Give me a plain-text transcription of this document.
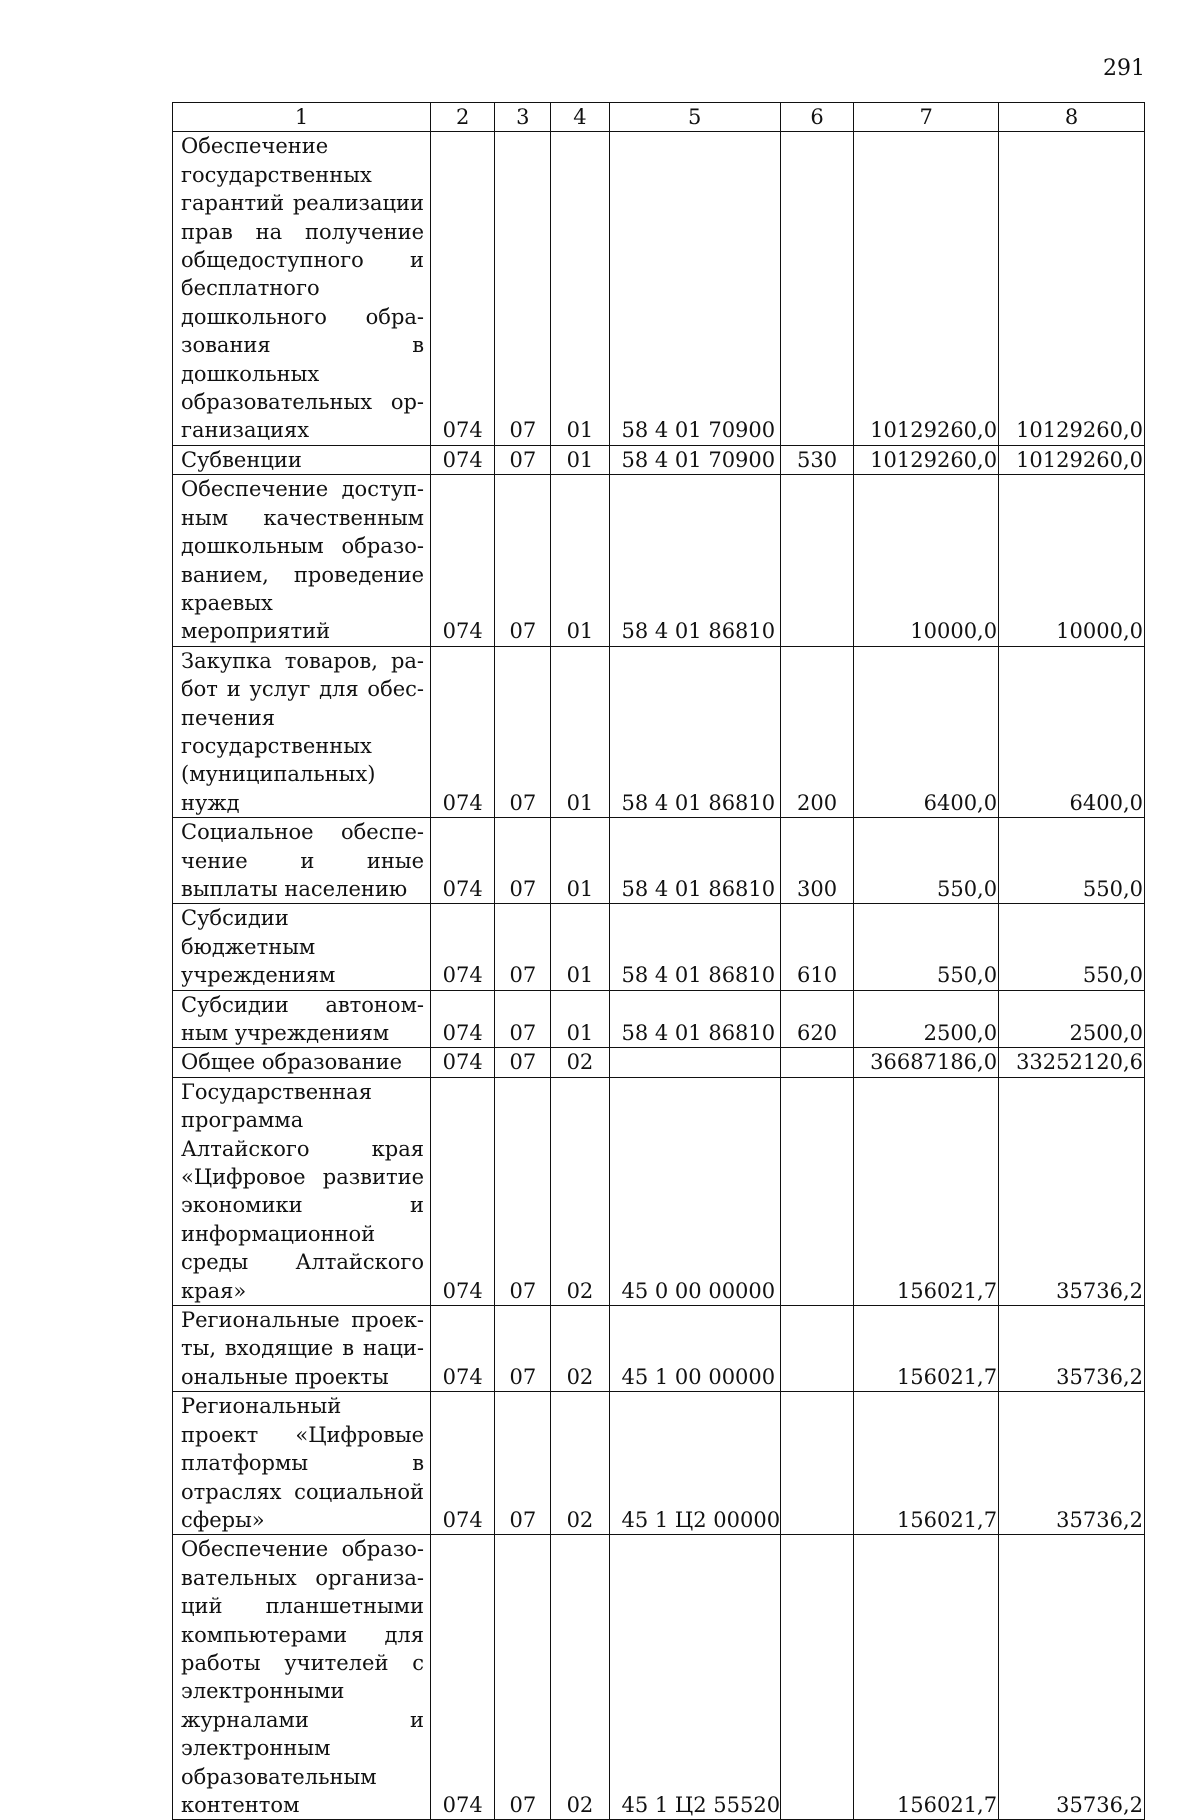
291
1	2	3	4	5	6	7	8
Обеспечение государственных гарантий реализации прав на получение общедоступного и бесплатного дошкольного образования в дошкольных образовательных организациях	074	07	01	58 4 01 70900		10129260,0	10129260,0
Субвенции	074	07	01	58 4 01 70900	530	10129260,0	10129260,0
Обеспечение доступным качественным дошкольным образованием, проведение краевых мероприятий	074	07	01	58 4 01 86810		10000,0	10000,0
Закупка товаров, работ и услуг для обеспечения государственных (муниципальных) нужд	074	07	01	58 4 01 86810	200	6400,0	6400,0
Социальное обеспечение и иные выплаты населению	074	07	01	58 4 01 86810	300	550,0	550,0
Субсидии бюджетным учреждениям	074	07	01	58 4 01 86810	610	550,0	550,0
Субсидии автономным учреждениям	074	07	01	58 4 01 86810	620	2500,0	2500,0
Общее образование	074	07	02			36687186,0	33252120,6
Государственная программа Алтайского края «Цифровое развитие экономики и информационной среды Алтайского края»	074	07	02	45 0 00 00000		156021,7	35736,2
Региональные проекты, входящие в национальные проекты	074	07	02	45 1 00 00000		156021,7	35736,2
Региональный проект «Цифровые платформы в отраслях социальной сферы»	074	07	02	45 1 Ц2 00000		156021,7	35736,2
Обеспечение образовательных организаций планшетными компьютерами для работы учителей с электронными журналами и электронным образовательным контентом	074	07	02	45 1 Ц2 55520		156021,7	35736,2
